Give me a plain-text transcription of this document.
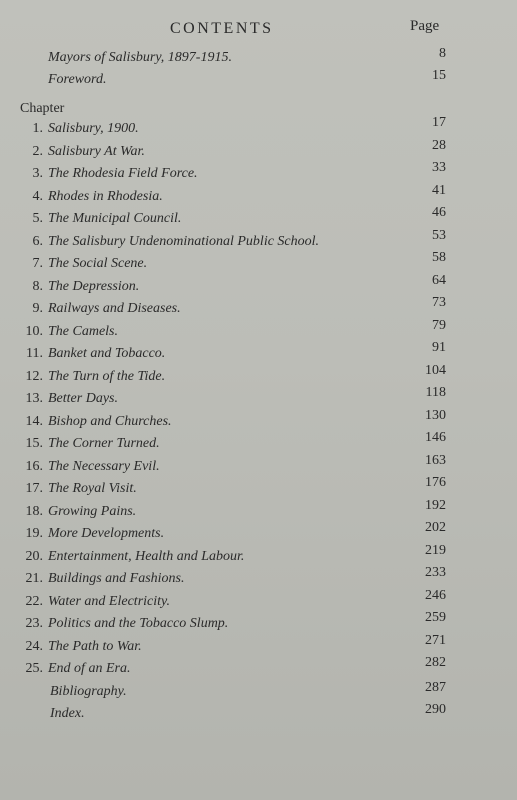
CONTENTS	Page
Mayors of Salisbury, 1897-1915.	8
Foreword.	15
Chapter
1. Salisbury, 1900.	17
2. Salisbury At War.	28
3. The Rhodesia Field Force.	33
4. Rhodes in Rhodesia.	41
5. The Municipal Council.	46
6. The Salisbury Undenominational Public School.	53
7. The Social Scene.	58
8. The Depression.	64
9. Railways and Diseases.	73
10. The Camels.	79
11. Banket and Tobacco.	91
12. The Turn of the Tide.	104
13. Better Days.	118
14. Bishop and Churches.	130
15. The Corner Turned.	146
16. The Necessary Evil.	163
17. The Royal Visit.	176
18. Growing Pains.	192
19. More Developments.	202
20. Entertainment, Health and Labour.	219
21. Buildings and Fashions.	233
22. Water and Electricity.	246
23. Politics and the Tobacco Slump.	259
24. The Path to War.	271
25. End of an Era.	282
Bibliography.	287
Index.	290
